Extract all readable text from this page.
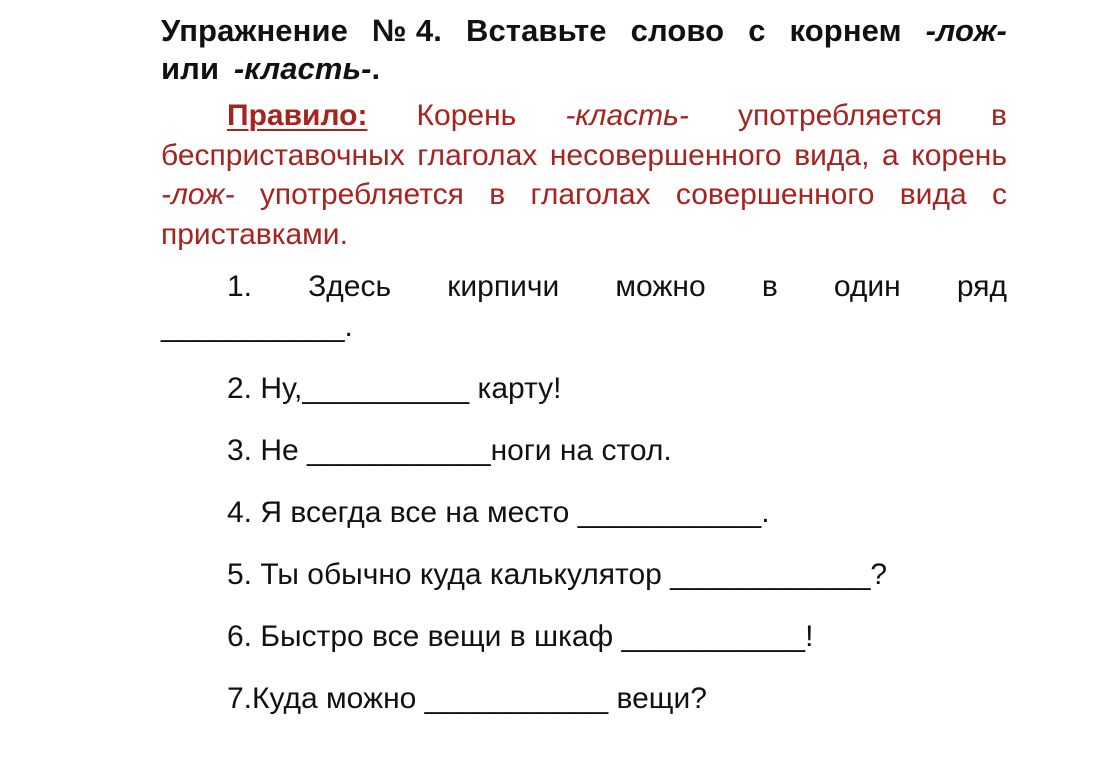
Упражнение №4. Вставьте слово с корнем -лож- или -класть-.

Правило: Корень -класть- употребляется в бесприставочных глаголах несовершенного вида, а корень -лож- употребляется в глаголах совершенного вида с приставками.

1. Здесь кирпичи можно в один ряд
___________.

2. Ну,__________ карту!

3. Не ___________ноги на стол.

4. Я всегда все на место ___________.

5. Ты обычно куда калькулятор ____________?

6. Быстро все вещи в шкаф ___________!

7.Куда можно ___________ вещи?
